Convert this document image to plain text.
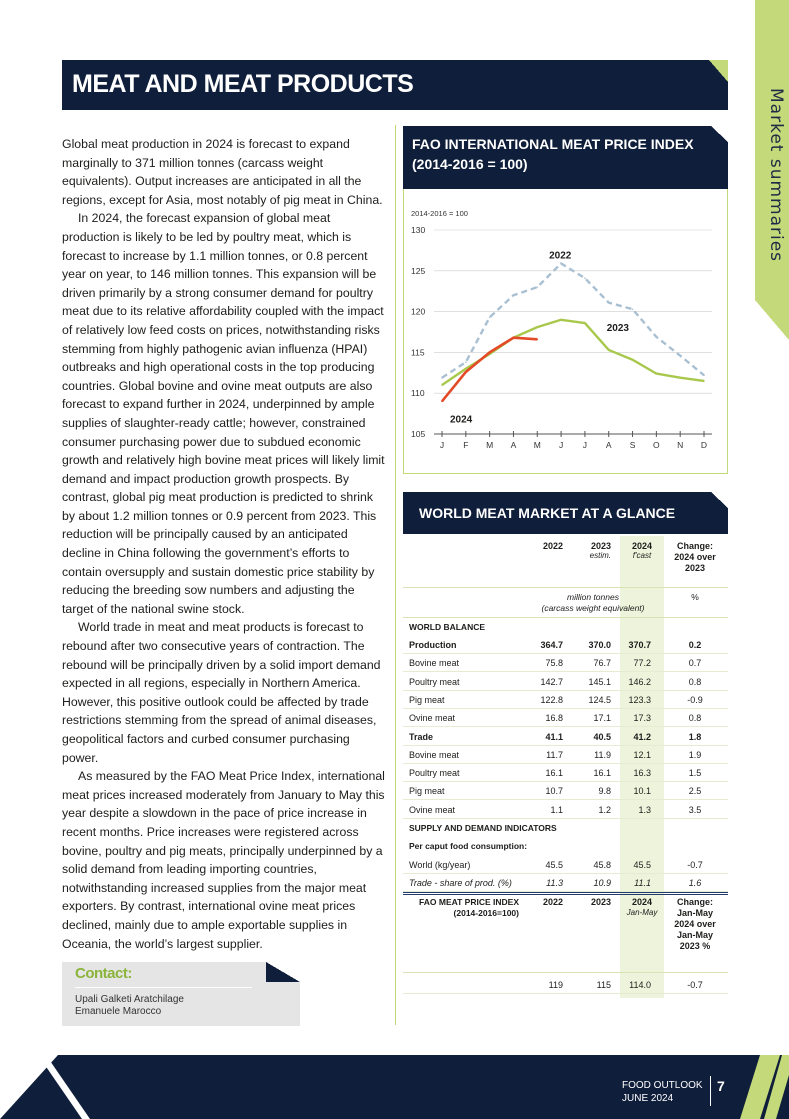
Market summaries
MEAT AND MEAT PRODUCTS

Global meat production in 2024 is forecast to expand marginally to 371 million tonnes (carcass weight equivalents). Output increases are anticipated in all the regions, except for Asia, most notably of pig meat in China.

In 2024, the forecast expansion of global meat production is likely to be led by poultry meat, which is forecast to increase by 1.1 million tonnes, or 0.8 percent year on year, to 146 million tonnes. This expansion will be driven primarily by a strong consumer demand for poultry meat due to its relative affordability coupled with the impact of relatively low feed costs on prices, notwithstanding risks stemming from highly pathogenic avian influenza (HPAI) outbreaks and high operational costs in the top producing countries. Global bovine and ovine meat outputs are also forecast to expand further in 2024, underpinned by ample supplies of slaughter-ready cattle; however, constrained consumer purchasing power due to subdued economic growth and relatively high bovine meat prices will likely limit demand and impact production growth prospects. By contrast, global pig meat production is predicted to shrink by about 1.2 million tonnes or 0.9 percent from 2023. This reduction will be principally caused by an anticipated decline in China following the government’s efforts to contain oversupply and sustain domestic price stability by reducing the breeding sow numbers and adjusting the target of the national swine stock.

World trade in meat and meat products is forecast to rebound after two consecutive years of contraction. The rebound will be principally driven by a solid import demand expected in all regions, especially in Northern America. However, this positive outlook could be affected by trade restrictions stemming from the spread of animal diseases, geopolitical factors and curbed consumer purchasing power.

As measured by the FAO Meat Price Index, international meat prices increased moderately from January to May this year despite a slowdown in the pace of price increase in recent months. Price increases were registered across bovine, poultry and pig meats, principally underpinned by a solid demand from leading importing countries, notwithstanding increased supplies from the major meat exporters. By contrast, international ovine meat prices declined, mainly due to ample exportable supplies in Oceania, the world’s largest supplier.

FAO INTERNATIONAL MEAT PRICE INDEX (2014-2016 = 100)
2014-2016 = 100
105
110
115
120
125
130
J F M A M J J A S O N D
2022
2023
2024
WORLD MEAT MARKET AT A GLANCE
2022	2023
estim.
2024
f'cast
Change: 2024 over 2023
million tonnes
(carcass weight equivalent)
%
WORLD BALANCE
Production	364.7	370.0	370.7	0.2
Bovine meat	75.8	76.7	77.2	0.7
Poultry meat	142.7	145.1	146.2	0.8
Pig meat	122.8	124.5	123.3	-0.9
Ovine meat	16.8	17.1	17.3	0.8
Trade	41.1	40.5	41.2	1.8
Bovine meat	11.7	11.9	12.1	1.9
Poultry meat	16.1	16.1	16.3	1.5
Pig meat	10.7	9.8	10.1	2.5
Ovine meat	1.1	1.2	1.3	3.5
SUPPLY AND DEMAND INDICATORS
Per caput food consumption:
World (kg/year)	45.5	45.8	45.5	-0.7
Trade - share of prod. (%)	11.3	10.9	11.1	1.6
FAO MEAT PRICE INDEX (2014-2016=100)
2022	2023	2024
Jan-May
Change: Jan-May 2024 over Jan-May 2023 %
119	115	114.0	-0.7
Contact:
Upali Galketi Aratchilage
Emanuele Marocco
FOOD OUTLOOK
JUNE 2024
7
